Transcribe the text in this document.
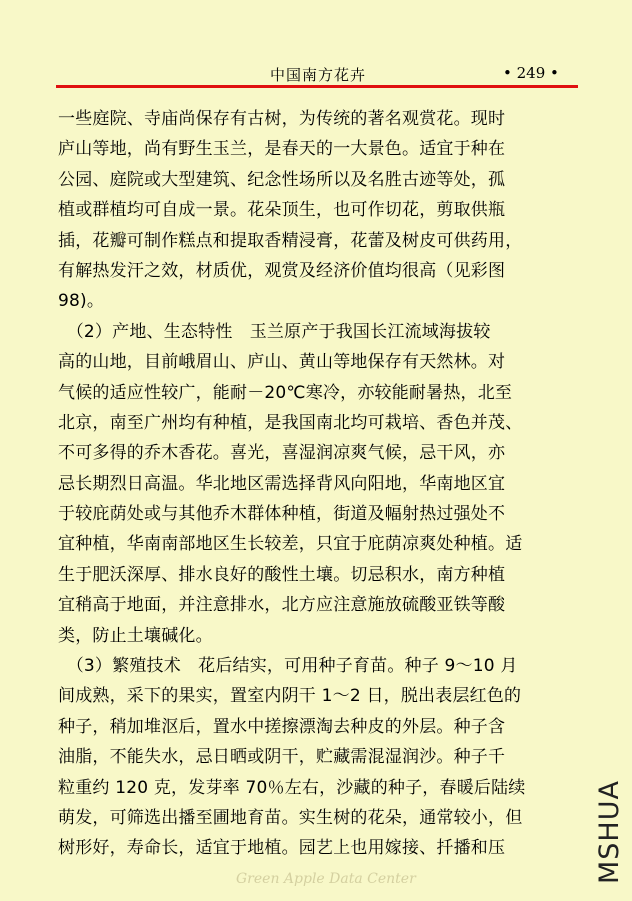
中国南方花卉	• 249 •
一些庭院、寺庙尚保存有古树，为传统的著名观赏花。现时
庐山等地，尚有野生玉兰，是春天的一大景色。适宜于种在
公园、庭院或大型建筑、纪念性场所以及名胜古迹等处，孤
植或群植均可自成一景。花朵顶生，也可作切花，剪取供瓶
插，花瓣可制作糕点和提取香精浸膏，花蕾及树皮可供药用，
有解热发汗之效，材质优，观赏及经济价值均很高（见彩图
98)。
　（2）产地、生态特性　玉兰原产于我国长江流域海拔较
高的山地，目前峨眉山、庐山、黄山等地保存有天然林。对
气候的适应性较广，能耐－20℃寒冷，亦较能耐暑热，北至
北京，南至广州均有种植，是我国南北均可栽培、香色并茂、
不可多得的乔木香花。喜光，喜湿润凉爽气候，忌干风，亦
忌长期烈日高温。华北地区需选择背风向阳地，华南地区宜
于较庇荫处或与其他乔木群体种植，街道及幅射热过强处不
宜种植，华南南部地区生长较差，只宜于庇荫凉爽处种植。适
生于肥沃深厚、排水良好的酸性土壤。切忌积水，南方种植
宜稍高于地面，并注意排水，北方应注意施放硫酸亚铁等酸
类，防止土壤碱化。
　（3）繁殖技术　花后结实，可用种子育苗。种子 9～10 月
间成熟，采下的果实，置室内阴干 1～2 日，脱出表层红色的
种子，稍加堆沤后，置水中搓擦漂淘去种皮的外层。种子含
油脂，不能失水，忌日晒或阴干，贮藏需混湿润沙。种子千
粒重约 120 克，发芽率 70％左右，沙藏的种子，春暖后陆续
萌发，可筛选出播至圃地育苗。实生树的花朵，通常较小，但
树形好，寿命长，适宜于地植。园艺上也用嫁接、扦播和压
Green Apple Data Center	MSHUA
